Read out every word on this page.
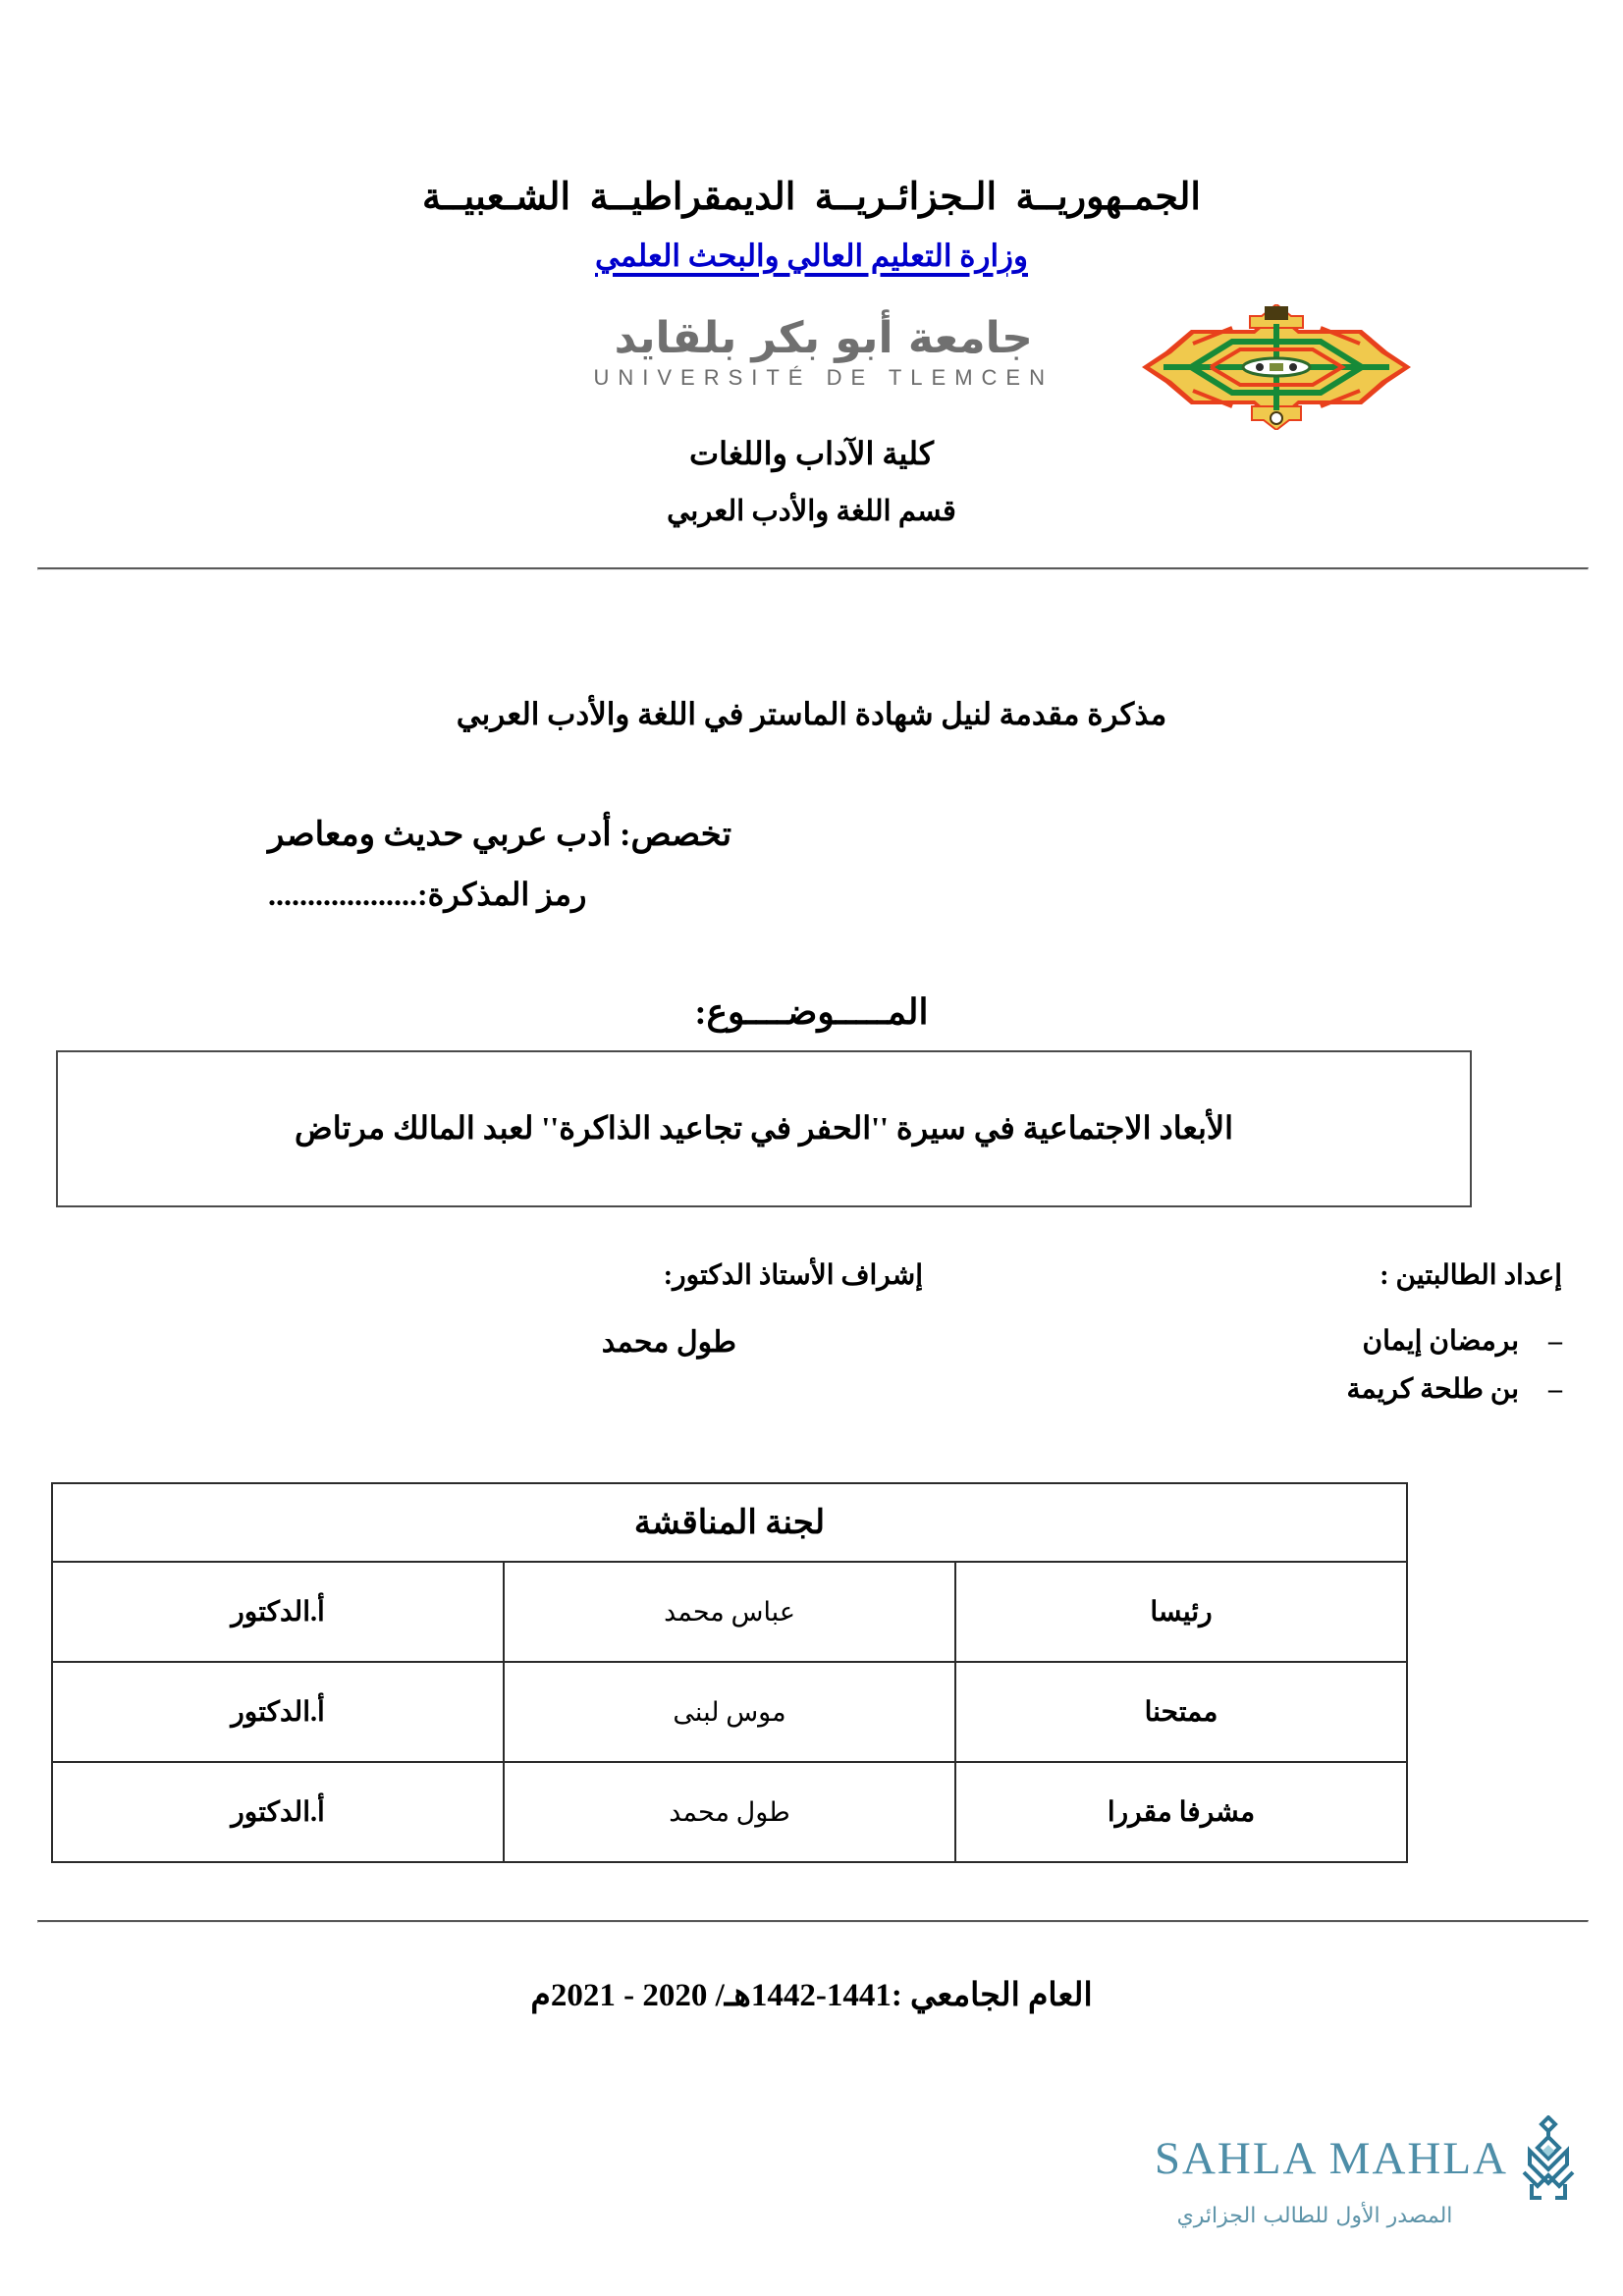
الجمـهوريــة الـجزائـريــة الديمقراطيــة الشـعبيــة
وزارة التعليم العالي والبحث العلمي
جامعة أبو بكر بلقايد
UNIVERSITÉ DE TLEMCEN
كلية الآداب واللغات
قسم اللغة والأدب العربي
مذكرة مقدمة لنيل شهادة الماستر في اللغة والأدب العربي
تخصص: أدب عربي حديث ومعاصر
رمز المذكرة:...................
المـــــوضــــوع:
الأبعاد الاجتماعية في سيرة ''الحفر في تجاعيد الذاكرة'' لعبد المالك مرتاض
إعداد الطالبتين :
– برمضان إيمان
– بن طلحة كريمة
إشراف الأستاذ الدكتور:
طول محمد
لجنة المناقشة		
رئيسا	عباس محمد	أ.الدكتور
ممتحنا	موس لبنى	أ.الدكتور
مشرفا مقررا	طول محمد	أ.الدكتور
العام الجامعي :1441-1442هـ/ 2020 - 2021م
SAHLA MAHLA
المصدر الأول للطالب الجزائري
